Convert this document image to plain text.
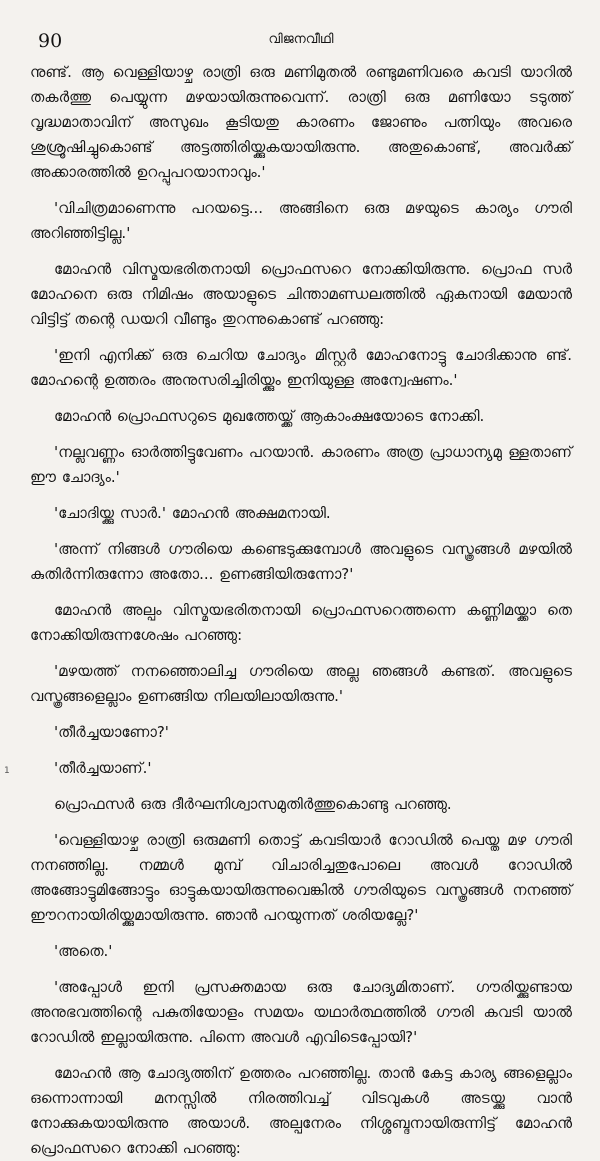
90	വിജനവീഥി

നുണ്ട്. ആ വെള്ളിയാഴ്ച രാത്രി ഒരു മണിമുതൽ രണ്ടുമണിവരെ കവടി യാറിൽ തകർത്തു പെയ്യുന്ന മഴയായിരുന്നുവെന്ന്. രാത്രി ഒരു മണിയോ ടടുത്ത് വൃദ്ധമാതാവിന് അസുഖം കൂടിയതു കാരണം ജോണും പത്നിയും അവരെ ശുശ്രൂഷിച്ചുകൊണ്ട് അട്ടത്തിരിയ്ക്കുകയായിരുന്നു. അതുകൊണ്ട്, അവർക്ക് അക്കാരത്തിൽ ഉറപ്പുപറയാനാവും.'

'വിചിത്രമാണെന്നു പറയട്ടെ... അങ്ങിനെ ഒരു മഴയുടെ കാര്യം ഗൗരി അറിഞ്ഞിട്ടില്ല.'

മോഹൻ വിസ്മയഭരിതനായി പ്രൊഫസറെ നോക്കിയിരുന്നു. പ്രൊഫ സർ മോഹനെ ഒരു നിമിഷം അയാളുടെ ചിന്താമണ്ഡലത്തിൽ ഏകനായി മേയാൻ വിട്ടിട്ട് തന്റെ ഡയറി വീണ്ടും തുറന്നുകൊണ്ട് പറഞ്ഞു:

'ഇനി എനിക്ക് ഒരു ചെറിയ ചോദ്യം മിസ്റ്റർ മോഹനോട്ടു ചോദിക്കാനു ണ്ട്. മോഹന്റെ ഉത്തരം അനുസരിച്ചിരിയ്ക്കും ഇനിയുള്ള അന്വേഷണം.'

മോഹൻ പ്രൊഫസറുടെ മുഖത്തേയ്ക്ക് ആകാംക്ഷയോടെ നോക്കി.

'നല്ലവണ്ണം ഓർത്തിട്ടുവേണം പറയാൻ. കാരണം അത്ര പ്രാധാന്യമു ള്ളതാണ് ഈ ചോദ്യം.'

'ചോദിയ്ക്കു സാർ.' മോഹൻ അക്ഷമനായി.

'അന്ന് നിങ്ങൾ ഗൗരിയെ കണ്ടെടുക്കുമ്പോൾ അവളുടെ വസ്ത്രങ്ങൾ മഴയിൽ കുതിർന്നിരുന്നോ അതോ... ഉണങ്ങിയിരുന്നോ?'

മോഹൻ അല്പം വിസ്മയഭരിതനായി പ്രൊഫസറെത്തന്നെ കണ്ണിമയ്ക്കാ തെ നോക്കിയിരുന്നശേഷം പറഞ്ഞു:

'മഴയത്ത് നനഞ്ഞൊലിച്ച ഗൗരിയെ അല്ല ഞങ്ങൾ കണ്ടത്. അവളുടെ വസ്ത്രങ്ങളെല്ലാം ഉണങ്ങിയ നിലയിലായിരുന്നു.'

'തീർച്ചയാണോ?'

'തീർച്ചയാണ്.'

പ്രൊഫസർ ഒരു ദീർഘനിശ്വാസമുതിർത്തുകൊണ്ടു പറഞ്ഞു.

'വെള്ളിയാഴ്ച രാത്രി ഒരുമണി തൊട്ട് കവടിയാർ റോഡിൽ പെയ്ത മഴ ഗൗരി നനഞ്ഞില്ല. നമ്മൾ മുമ്പ് വിചാരിച്ചതുപോലെ അവൾ റോഡിൽ അങ്ങോട്ടുമിങ്ങോട്ടും ഓട്ടുകയായിരുന്നുവെങ്കിൽ ഗൗരിയുടെ വസ്ത്രങ്ങൾ നനഞ്ഞ് ഈറനായിരിയ്ക്കുമായിരുന്നു. ഞാൻ പറയുന്നത് ശരിയല്ലേ?'

'അതെ.'

'അപ്പോൾ ഇനി പ്രസക്തമായ ഒരു ചോദ്യമിതാണ്. ഗൗരിയ്ക്കുണ്ടായ അനുഭവത്തിന്റെ പകുതിയോളം സമയം യഥാർത്ഥത്തിൽ ഗൗരി കവടി യാൽ റോഡിൽ ഇല്ലായിരുന്നു. പിന്നെ അവൾ എവിടെപ്പോയി?'

മോഹൻ ആ ചോദ്യത്തിന് ഉത്തരം പറഞ്ഞില്ല. താൻ കേട്ട കാര്യ ങ്ങളെല്ലാം ഒന്നൊന്നായി മനസ്സിൽ നിരത്തിവച്ച് വിടവുകൾ അടയ്ക്കു വാൻ നോക്കുകയായിരുന്നു അയാൾ. അല്പനേരം നിശ്ശബ്ദനായിരുന്നിട്ട് മോഹൻ പ്രൊഫസറെ നോക്കി പറഞ്ഞു:

1
